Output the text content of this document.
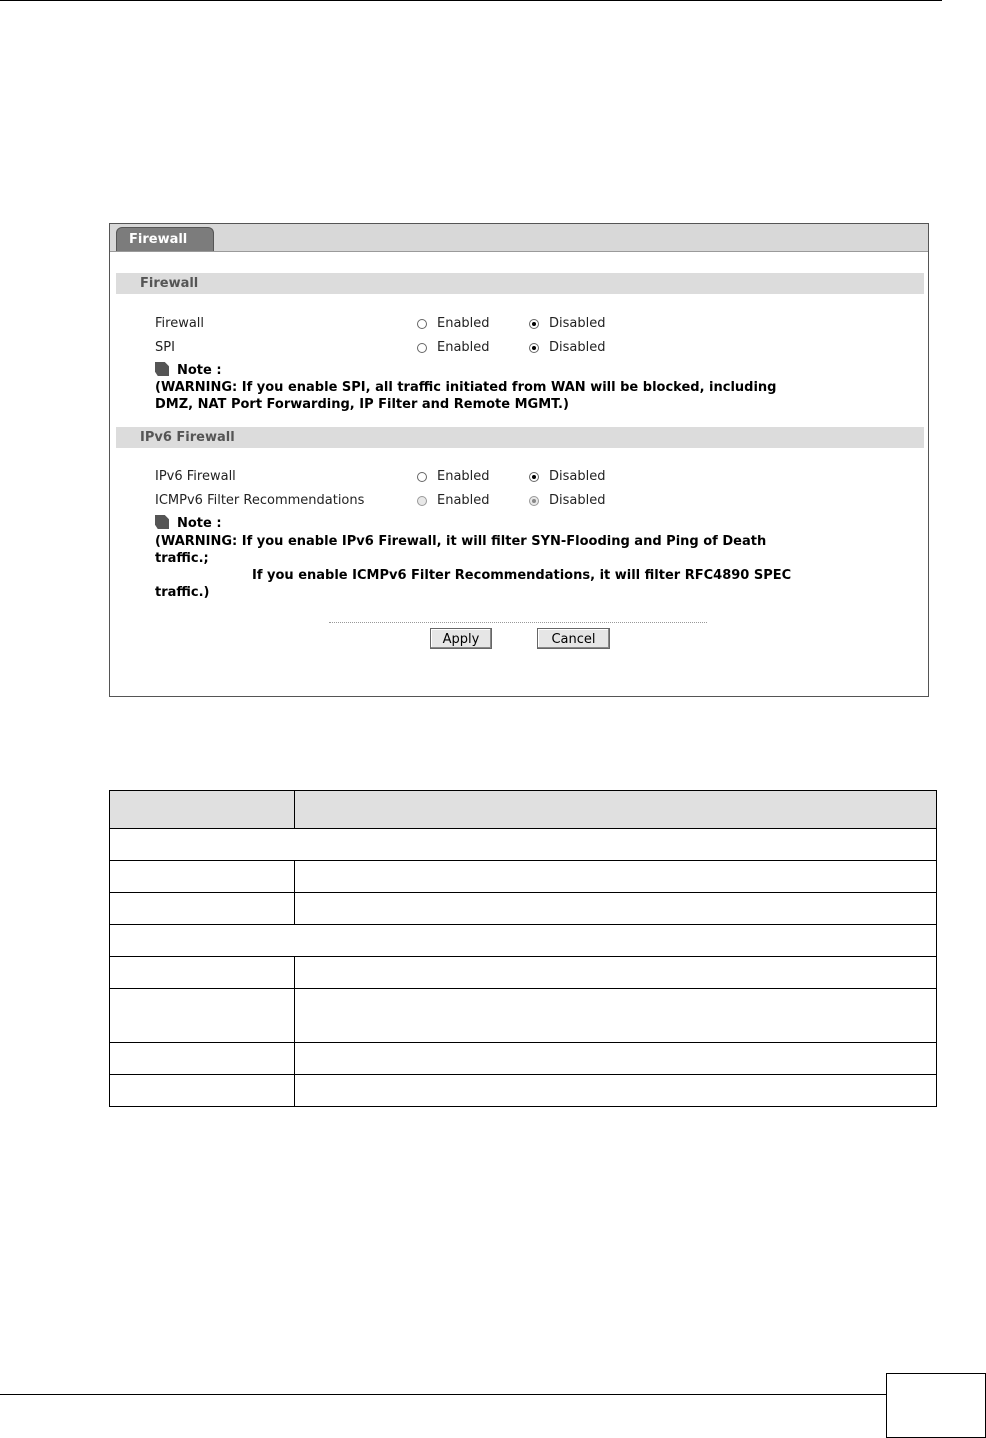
Firewall
Firewall
Firewall	Enabled	Disabled
SPI	Enabled	Disabled
Note :
(WARNING: If you enable SPI, all traffic initiated from WAN will be blocked, including
DMZ, NAT Port Forwarding, IP Filter and Remote MGMT.)
IPv6 Firewall
IPv6 Firewall	Enabled	Disabled
ICMPv6 Filter Recommendations	Enabled	Disabled
Note :
(WARNING: If you enable IPv6 Firewall, it will filter SYN-Flooding and Ping of Death
traffic.;
If you enable ICMPv6 Filter Recommendations, it will filter RFC4890 SPEC
traffic.)
Apply	Cancel
